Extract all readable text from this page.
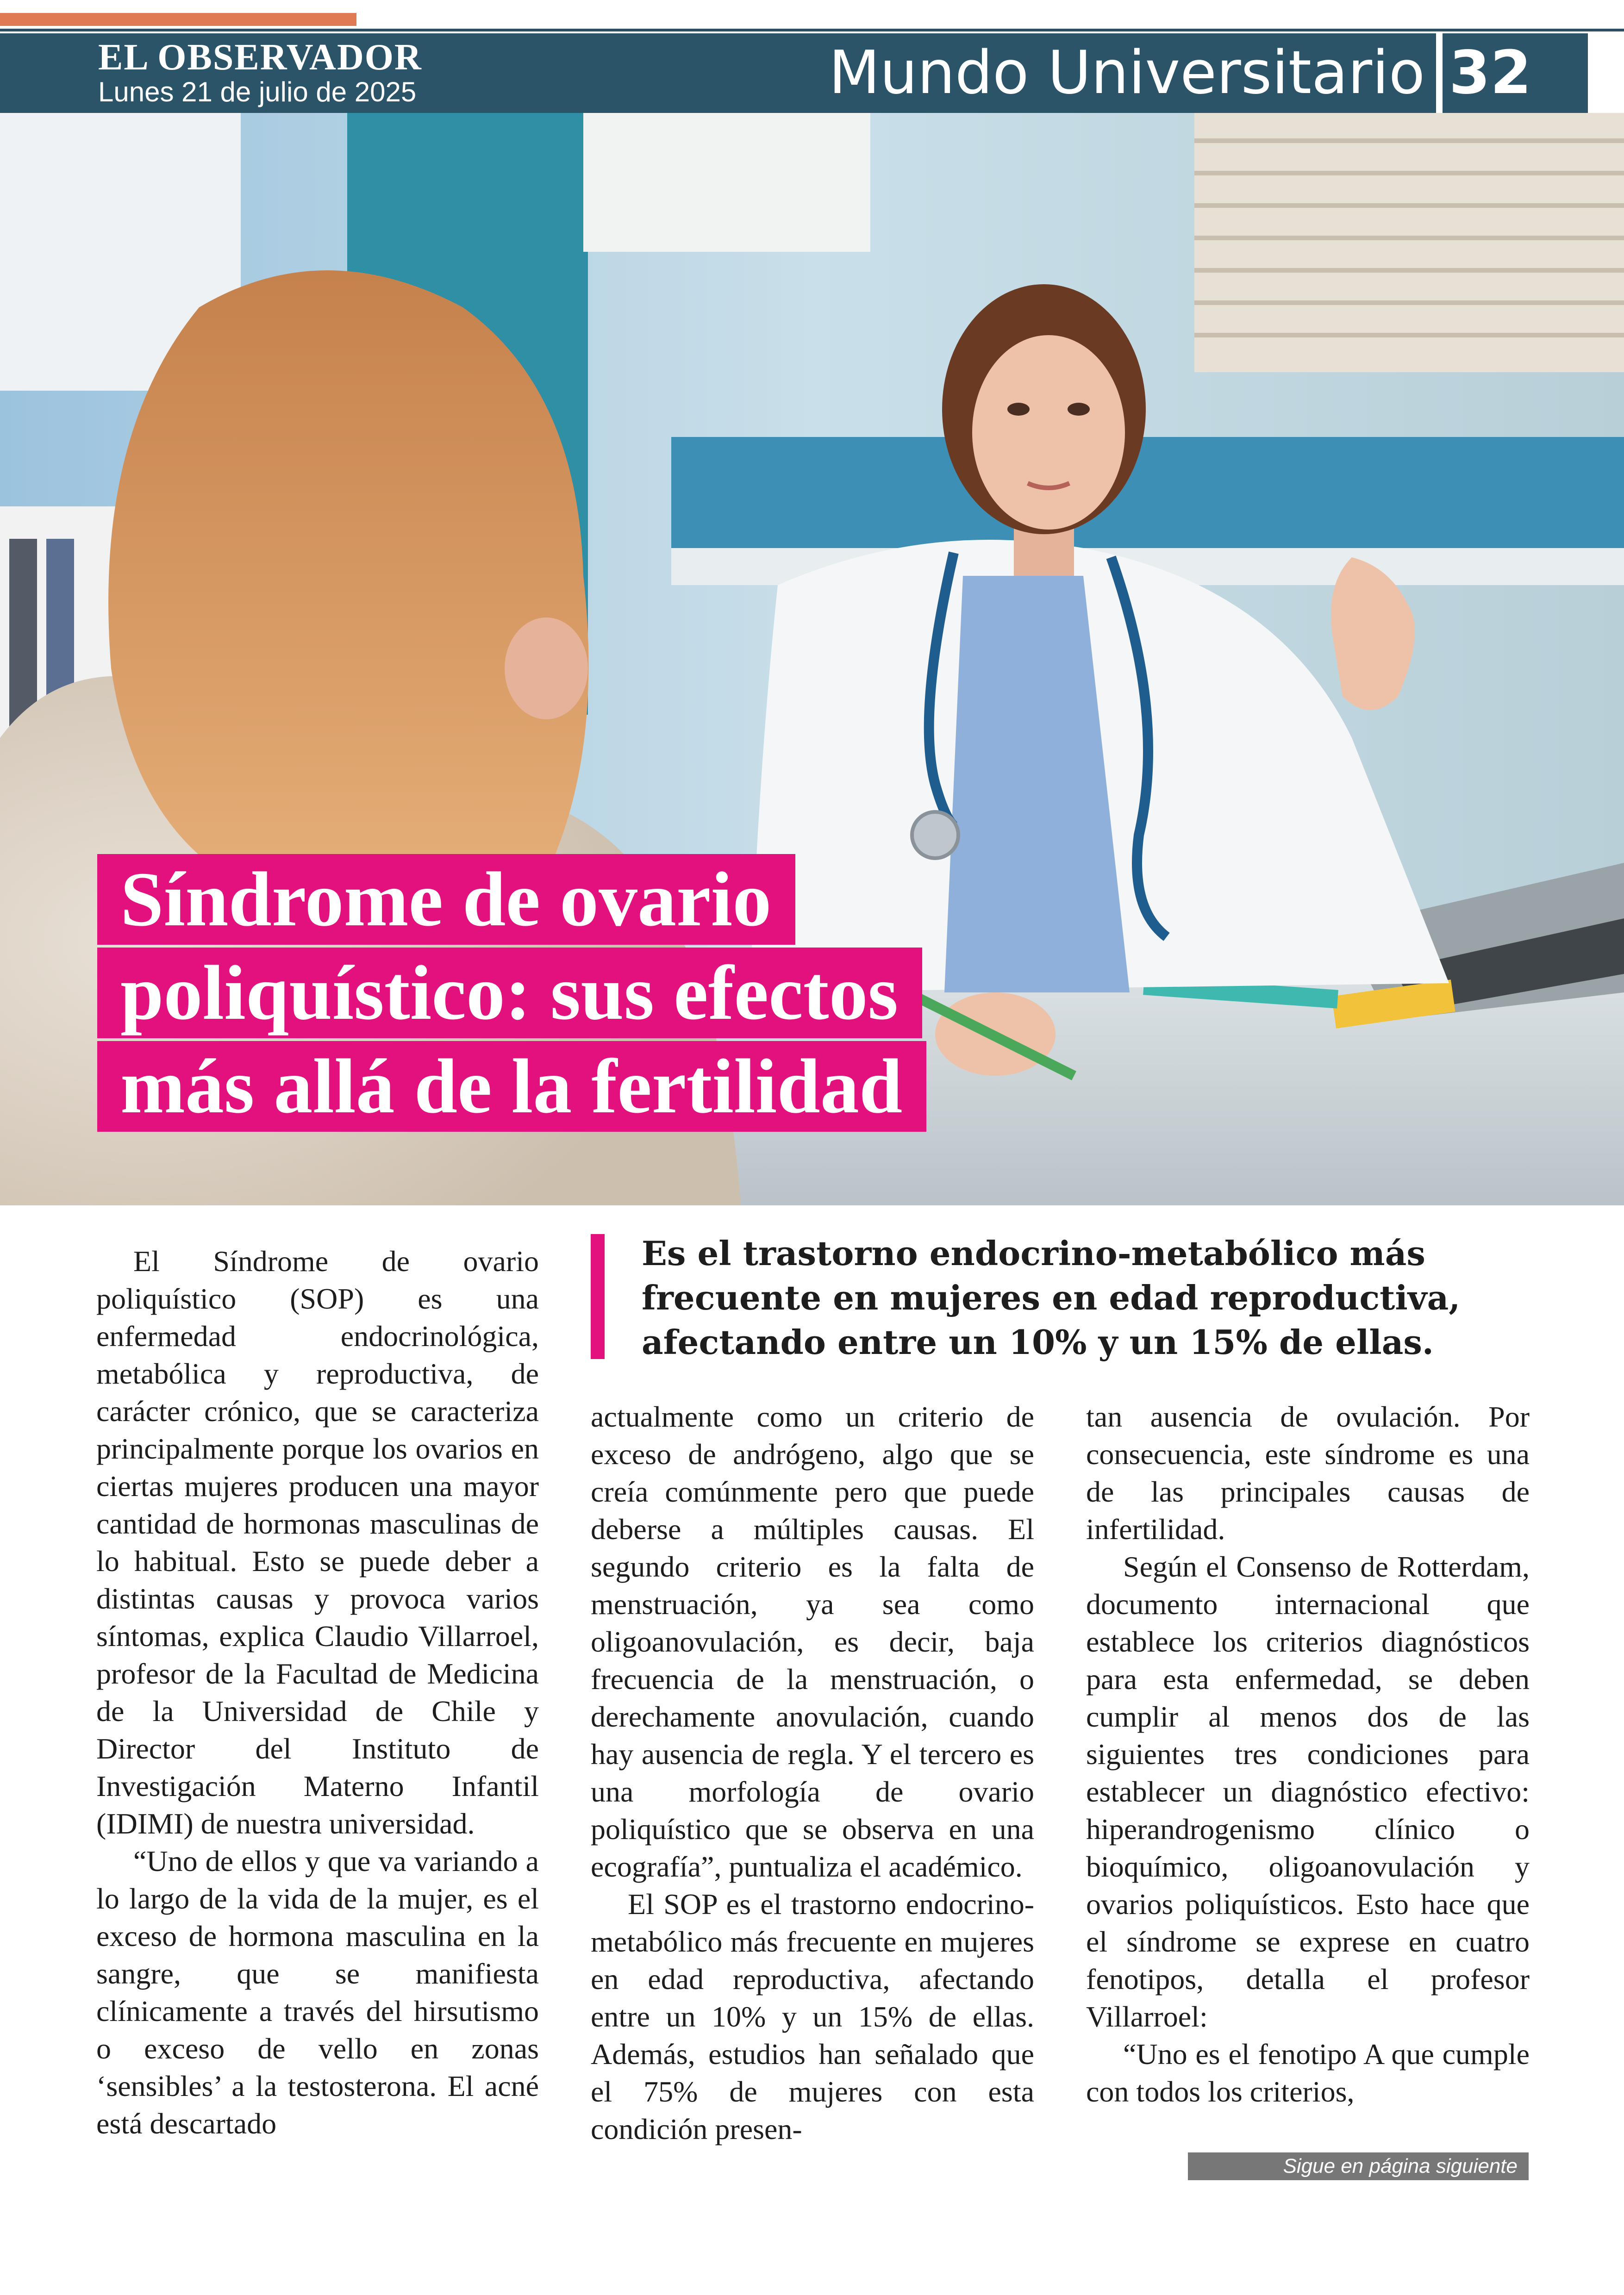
EL OBSERVADOR
Lunes 21 de julio de 2025	Mundo Universitario 32
Síndrome de ovario
poliquístico: sus efectos
más allá de la fertilidad
Es el trastorno endocrino-metabólico más frecuente en mujeres en edad reproductiva, afectando entre un 10% y un 15% de ellas.

El Síndrome de ovario poliquístico (SOP) es una enfermedad endocrinológica, metabólica y reproductiva, de carácter crónico, que se caracteriza principalmente porque los ovarios en ciertas mujeres producen una mayor cantidad de hormonas masculinas de lo habitual. Esto se puede deber a distintas causas y provoca varios síntomas, explica Claudio Villarroel, profesor de la Facultad de Medicina de la Universidad de Chile y Director del Instituto de Investigación Materno Infantil (IDIMI) de nuestra universidad.

“Uno de ellos y que va variando a lo largo de la vida de la mujer, es el exceso de hormona masculina en la sangre, que se manifiesta clínicamente a través del hirsutismo o exceso de vello en zonas ‘sensibles’ a la testosterona. El acné está descartado

actualmente como un criterio de exceso de andrógeno, algo que se creía comúnmente pero que puede deberse a múltiples causas. El segundo criterio es la falta de menstruación, ya sea como oligoanovulación, es decir, baja frecuencia de la menstruación, o derechamente anovulación, cuando hay ausencia de regla. Y el tercero es una morfología de ovario poliquístico que se observa en una ecografía”, puntualiza el académico.

El SOP es el trastorno endocrino-metabólico más frecuente en mujeres en edad reproductiva, afectando entre un 10% y un 15% de ellas. Además, estudios han señalado que el 75% de mujeres con esta condición presen-

tan ausencia de ovulación. Por consecuencia, este síndrome es una de las principales causas de infertilidad.

Según el Consenso de Rotterdam, documento internacional que establece los criterios diagnósticos para esta enfermedad, se deben cumplir al menos dos de las siguientes tres condiciones para establecer un diagnóstico efectivo: hiperandrogenismo clínico o bioquímico, oligoanovulación y ovarios poliquísticos. Esto hace que el síndrome se exprese en cuatro fenotipos, detalla el profesor Villarroel:

“Uno es el fenotipo A que cumple con todos los criterios,

Sigue en página siguiente
